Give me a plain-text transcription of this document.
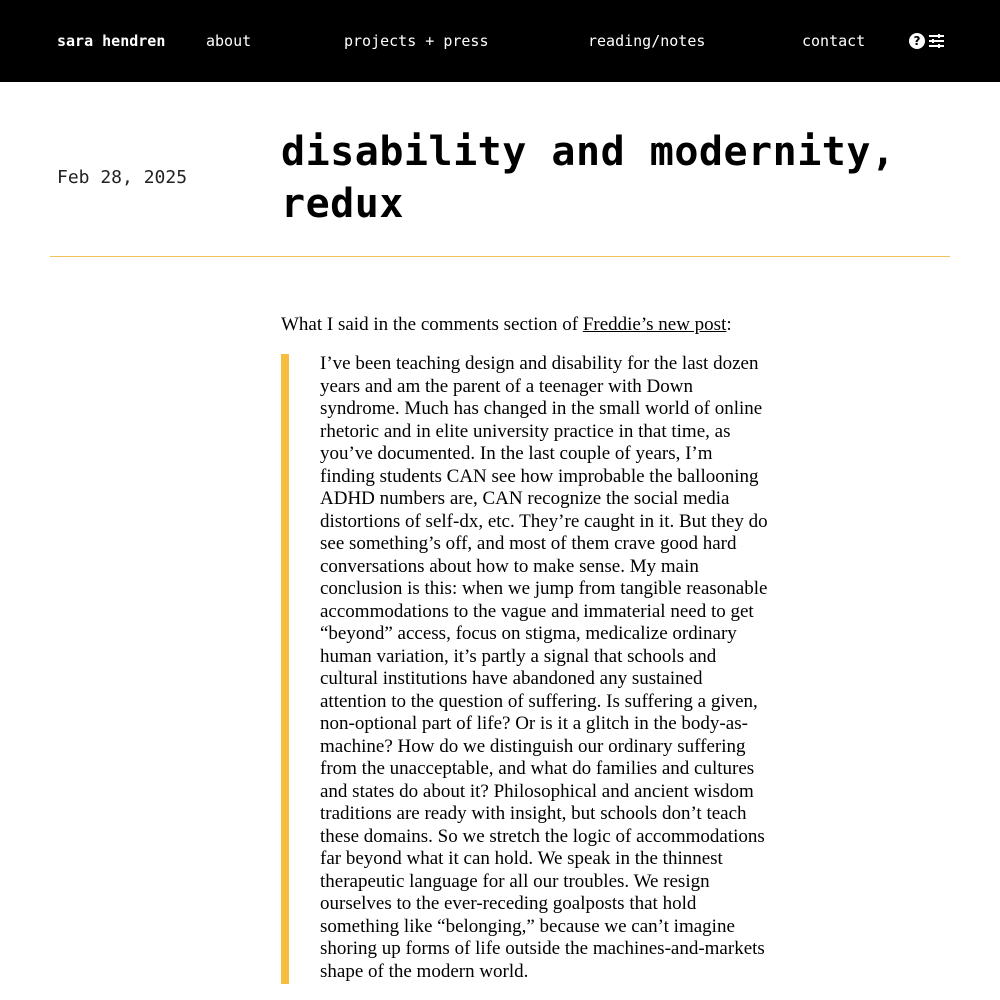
sara hendren	about	projects + press	reading/notes	contact	?
Feb 28, 2025
disability and modernity, redux

What I said in the comments section of Freddie’s new post:

I’ve been teaching design and disability for the last dozen years and am the parent of a teenager with Down syndrome. Much has changed in the small world of online rhetoric and in elite university practice in that time, as you’ve documented. In the last couple of years, I’m finding students CAN see how improbable the ballooning ADHD numbers are, CAN recognize the social media distortions of self-dx, etc. They’re caught in it. But they do see something’s off, and most of them crave good hard conversations about how to make sense. My main conclusion is this: when we jump from tangible reasonable accommodations to the vague and immaterial need to get “beyond” access, focus on stigma, medicalize ordinary human variation, it’s partly a signal that schools and cultural institutions have abandoned any sustained attention to the question of suffering. Is suffering a given, non-optional part of life? Or is it a glitch in the body-as-machine? How do we distinguish our ordinary suffering from the unacceptable, and what do families and cultures and states do about it? Philosophical and ancient wisdom traditions are ready with insight, but schools don’t teach these domains. So we stretch the logic of accommodations far beyond what it can hold. We speak in the thinnest therapeutic language for all our troubles. We resign ourselves to the ever-receding goalposts that hold something like “belonging,” because we can’t imagine shoring up forms of life outside the machines-and-markets shape of the modern world.
